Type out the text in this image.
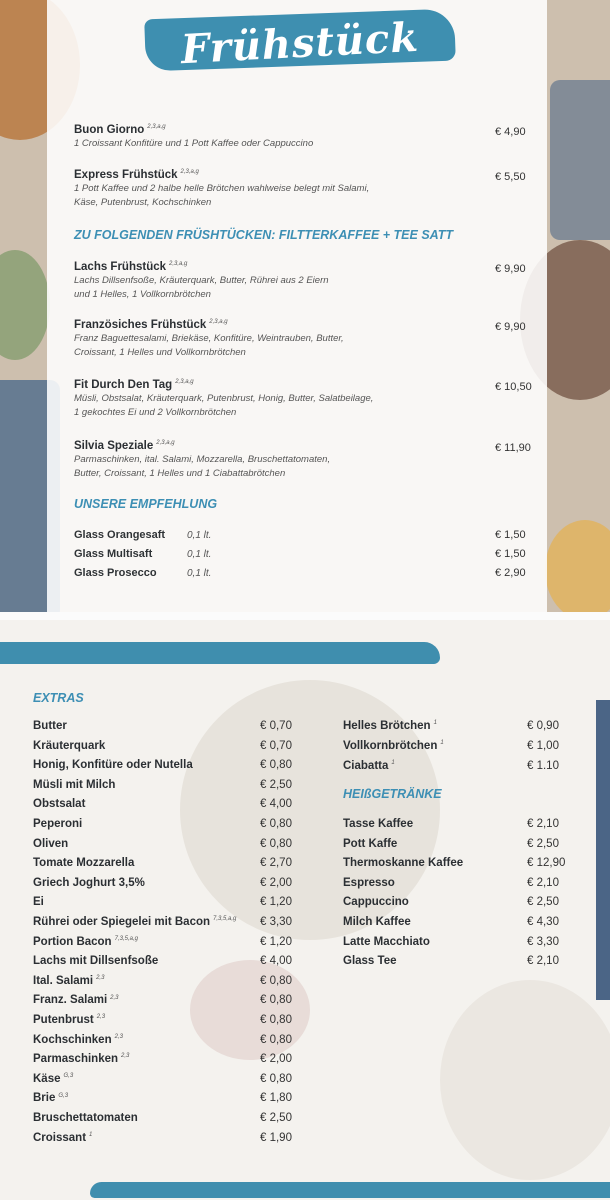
Frühstück
Buon Giorno $^{2,3,a,g}$
1 Croissant Konfitüre und 1 Pott Kaffee oder Cappuccino
€ 4,90
Express Frühstück $^{2,3,a,g}$
1 Pott Kaffee und 2 halbe helle Brötchen wahlweise belegt mit Salami,
Käse, Putenbrust, Kochschinken
€ 5,50
ZU FOLGENDEN FRÜSHTÜCKEN: FILTTERKAFFEE + TEE SATT
Lachs Frühstück $^{2,3,a,g}$
Lachs Dillsenfsoße, Kräuterquark, Butter, Rührei aus 2 Eiern
und 1 Helles, 1 Vollkornbrötchen
€ 9,90
Französiches Frühstück $^{2,3,a,g}$
Franz Baguettesalami, Briekäse, Konfitüre, Weintrauben, Butter,
Croissant, 1 Helles und Vollkornbrötchen
€ 9,90
Fit Durch Den Tag $^{2,3,a,g}$
Müsli, Obstsalat, Kräuterquark, Putenbrust, Honig, Butter, Salatbeilage,
1 gekochtes Ei und 2 Vollkornbrötchen
€ 10,50
Silvia Speziale $^{2,3,a,g}$
Parmaschinken, ital. Salami, Mozzarella, Bruschettatomaten,
Butter, Croissant, 1 Helles und 1 Ciabattabrötchen
€ 11,90
UNSERE EMPFEHLUNG
Glass Orangesaft 0,1 lt.	€ 1,50
Glass Multisaft	0,1 lt.	€ 1,50
Glass Prosecco	0,1 lt.	€ 2,90
EXTRAS
Butter	€ 0,70
Kräuterquark	€ 0,70
Honig, Konfitüre oder Nutella	€ 0,80
Müsli mit Milch	€ 2,50
Obstsalat	€ 4,00
Peperoni	€ 0,80
Oliven	€ 0,80
Tomate Mozzarella	€ 2,70
Griech Joghurt 3,5%	€ 2,00
Ei	€ 1,20
Rührei oder Spiegelei mit Bacon $^{7,3,5,a,g}$ € 3,30
Portion Bacon $^{7,3,5,a,g}$	€ 1,20
Lachs mit Dillsenfsoße	€ 4,00
Ital. Salami $^{2,3}$	€ 0,80
Franz. Salami $^{2,3}$	€ 0,80
Putenbrust $^{2,3}$	€ 0,80
Kochschinken $^{2,3}$	€ 0,80
Parmaschinken $^{2,3}$	€ 2,00
Käse $^{G,3}$	€ 0,80
Brie $^{G,3}$	€ 1,80
Bruschettatomaten	€ 2,50
Croissant $^1$	€ 1,90
Helles Brötchen $^1$	€ 0,90
Vollkornbrötchen $^1$	€ 1,00
Ciabatta $^1$	€ 1.10
HEIßGETRÄNKE
Tasse Kaffee	€ 2,10
Pott Kaffe	€ 2,50
Thermoskanne Kaffee	€ 12,90
Espresso	€ 2,10
Cappuccino	€ 2,50
Milch Kaffee	€ 4,30
Latte Macchiato	€ 3,30
Glass Tee	€ 2,10
